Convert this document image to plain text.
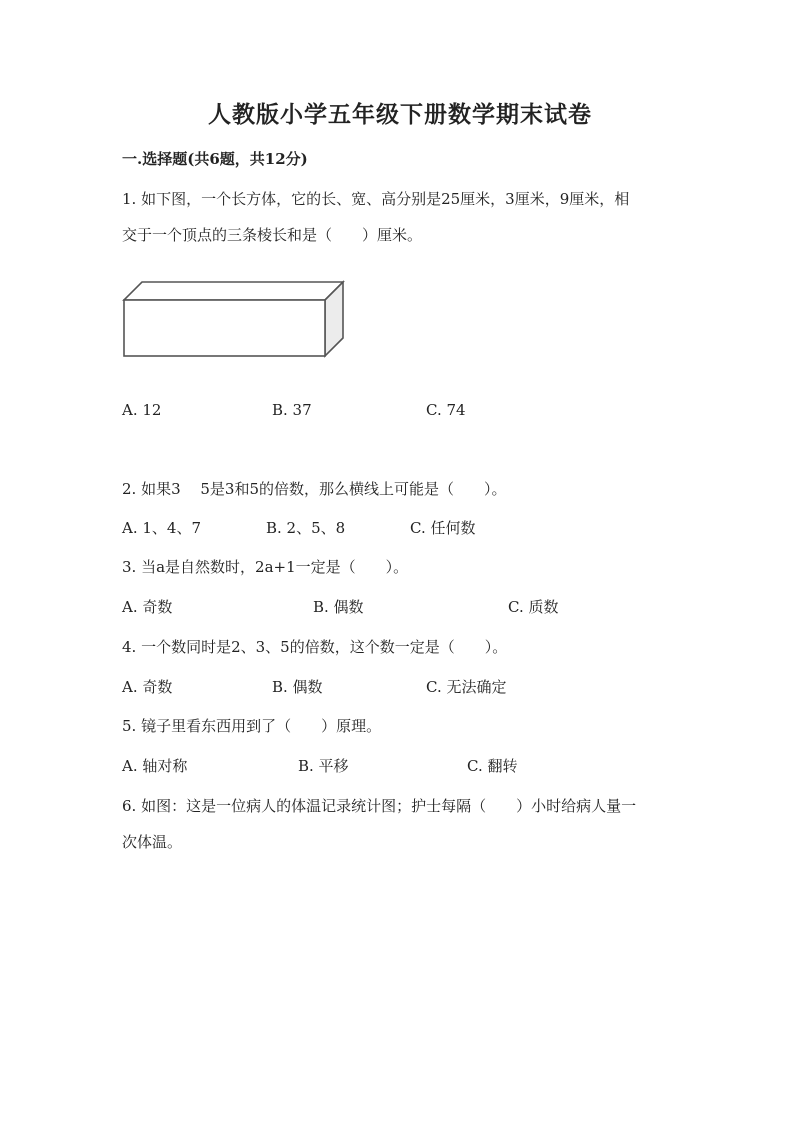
人教版小学五年级下册数学期末试卷
一.选择题(共6题，共12分)
1. 如下图，一个长方体，它的长、宽、高分别是25厘米，3厘米，9厘米，相
交于一个顶点的三条棱长和是（　　）厘米。
A. 12	B. 37	C. 74
2. 如果3　 5是3和5的倍数，那么横线上可能是（　　）。
A. 1、4、7	B. 2、5、8	C. 任何数
3. 当a是自然数时，2a+1一定是（　　）。
A. 奇数	B. 偶数	C. 质数
4. 一个数同时是2、3、5的倍数，这个数一定是（　　）。
A. 奇数	B. 偶数	C. 无法确定
5. 镜子里看东西用到了（　　）原理。
A. 轴对称	B. 平移	C. 翻转
6. 如图：这是一位病人的体温记录统计图；护士每隔（　　）小时给病人量一
次体温。
